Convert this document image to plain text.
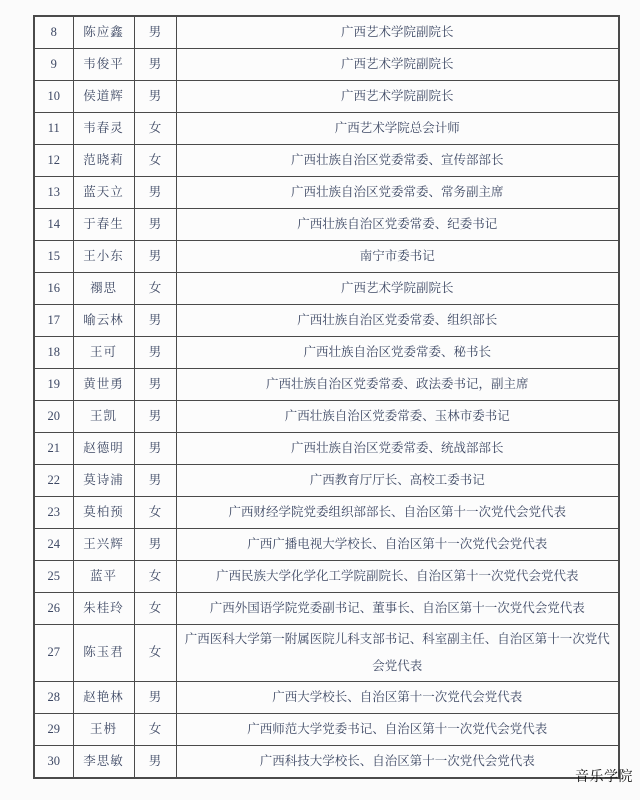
8	陈应鑫	男	广西艺术学院副院长
9	韦俊平	男	广西艺术学院副院长
10	侯道辉	男	广西艺术学院副院长
11	韦春灵	女	广西艺术学院总会计师
12	范晓莉	女	广西壮族自治区党委常委、宣传部部长
13	蓝天立	男	广西壮族自治区党委常委、常务副主席
14	于春生	男	广西壮族自治区党委常委、纪委书记
15	王小东	男	南宁市委书记
16	禤思	女	广西艺术学院副院长
17	喻云林	男	广西壮族自治区党委常委、组织部长
18	王可	男	广西壮族自治区党委常委、秘书长
19	黄世勇	男	广西壮族自治区党委常委、政法委书记，副主席
20	王凯	男	广西壮族自治区党委常委、玉林市委书记
21	赵德明	男	广西壮族自治区党委常委、统战部部长
22	莫诗浦	男	广西教育厅厅长、高校工委书记
23	莫柏预	女	广西财经学院党委组织部部长、自治区第十一次党代会党代表
24	王兴辉	男	广西广播电视大学校长、自治区第十一次党代会党代表
25	蓝平	女	广西民族大学化学化工学院副院长、自治区第十一次党代会党代表
26	朱桂玲	女	广西外国语学院党委副书记、董事长、自治区第十一次党代会党代表
27	陈玉君	女	广西医科大学第一附属医院儿科支部书记、科室副主任、自治区第十一次党代会党代表
28	赵艳林	男	广西大学校长、自治区第十一次党代会党代表
29	王枬	女	广西师范大学党委书记、自治区第十一次党代会党代表
30	李思敏	男	广西科技大学校长、自治区第十一次党代会党代表
音乐学院
